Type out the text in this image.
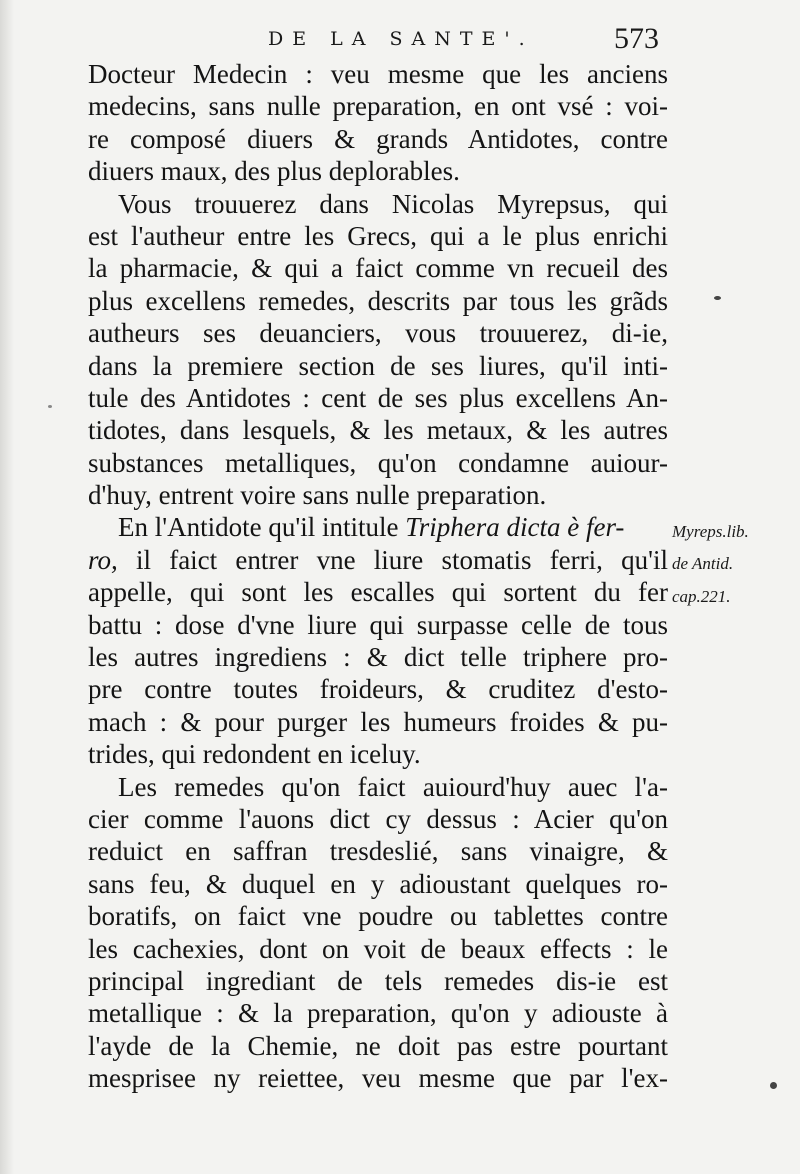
DE LA SANTE'.	573
Docteur Medecin : veu mesme que les anciens
medecins, sans nulle preparation, en ont vsé : voi-
re composé diuers & grands Antidotes, contre
diuers maux, des plus deplorables.
Vous trouuerez dans Nicolas Myrepsus, qui
est l'autheur entre les Grecs, qui a le plus enrichi
la pharmacie, & qui a faict comme vn recueil des
plus excellens remedes, descrits par tous les grãds
autheurs ses deuanciers, vous trouuerez, di-ie,
dans la premiere section de ses liures, qu'il inti-
tule des Antidotes : cent de ses plus excellens An-
tidotes, dans lesquels, & les metaux, & les autres
substances metalliques, qu'on condamne auiour-
d'huy, entrent voire sans nulle preparation.
En l'Antidote qu'il intitule Triphera dicta è fer-
ro, il faict entrer vne liure stomatis ferri, qu'il
appelle, qui sont les escalles qui sortent du fer
battu : dose d'vne liure qui surpasse celle de tous
les autres ingrediens : & dict telle triphere pro-
pre contre toutes froideurs, & cruditez d'esto-
mach : & pour purger les humeurs froides & pu-
trides, qui redondent en iceluy.
Les remedes qu'on faict auiourd'huy auec l'a-
cier comme l'auons dict cy dessus : Acier qu'on
reduict en saffran tresdeslié, sans vinaigre, &
sans feu, & duquel en y adioustant quelques ro-
boratifs, on faict vne poudre ou tablettes contre
les cachexies, dont on voit de beaux effects : le
principal ingrediant de tels remedes dis-ie est
metallique : & la preparation, qu'on y adiouste à
l'ayde de la Chemie, ne doit pas estre pourtant
mesprisee ny reiettee, veu mesme que par l'ex-
Myreps.lib.
de Antid.
cap.221.
